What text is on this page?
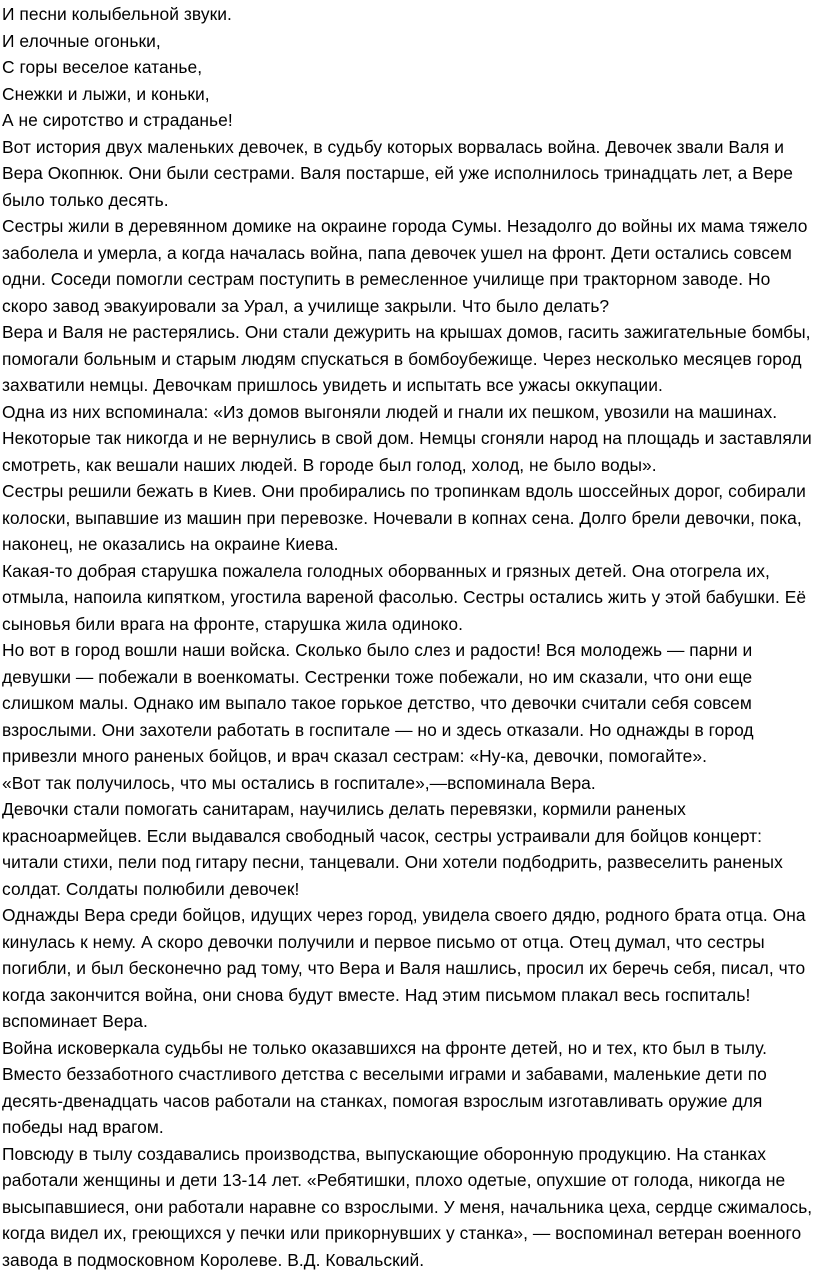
И песни колыбельной звуки.

И елочные огоньки,

С горы веселое катанье,

Снежки и лыжи, и коньки,

А не сиротство и страданье!

Вот история двух маленьких девочек, в судьбу которых ворвалась война. Девочек звали Валя и

Вера Окопнюк. Они были сестрами. Валя постарше, ей уже исполнилось тринадцать лет, а Вере

было только десять.

Сестры жили в деревянном домике на окраине города Сумы. Незадолго до войны их мама тяжело

заболела и умерла, а когда началась война, папа девочек ушел на фронт. Дети остались совсем

одни. Соседи помогли сестрам поступить в ремесленное училище при тракторном заводе. Но

скоро завод эвакуировали за Урал, а училище закрыли. Что было делать?

Вера и Валя не растерялись. Они стали дежурить на крышах домов, гасить зажигательные бомбы,

помогали больным и старым людям спускаться в бомбоубежище. Через несколько месяцев город

захватили немцы. Девочкам пришлось увидеть и испытать все ужасы оккупации.

Одна из них вспоминала: «Из домов выгоняли людей и гнали их пешком, увозили на машинах.

Некоторые так никогда и не вернулись в свой дом. Немцы сгоняли народ на площадь и заставляли

смотреть, как вешали наших людей. В городе был голод, холод, не было воды».

Сестры решили бежать в Киев. Они пробирались по тропинкам вдоль шоссейных дорог, собирали

колоски, выпавшие из машин при перевозке. Ночевали в копнах сена. Долго брели девочки, пока,

наконец, не оказались на окраине Киева.

Какая-то добрая старушка пожалела голодных оборванных и грязных детей. Она отогрела их,

отмыла, напоила кипятком, угостила вареной фасолью. Сестры остались жить у этой бабушки. Её

сыновья били врага на фронте, старушка жила одиноко.

Но вот в город вошли наши войска. Сколько было слез и радости! Вся молодежь — парни и

девушки — побежали в военкоматы. Сестренки тоже побежали, но им сказали, что они еще

слишком малы. Однако им выпало такое горькое детство, что девочки считали себя совсем

взрослыми. Они захотели работать в госпитале — но и здесь отказали. Но однажды в город

привезли много раненых бойцов, и врач сказал сестрам: «Ну-ка, девочки, помогайте».

«Вот так получилось, что мы остались в госпитале»,—вспоминала Вера.

Девочки стали помогать санитарам, научились делать перевязки, кормили раненых

красноармейцев. Если выдавался свободный часок, сестры устраивали для бойцов концерт:

читали стихи, пели под гитару песни, танцевали. Они хотели подбодрить, развеселить раненых

солдат. Солдаты полюбили девочек!

Однажды Вера среди бойцов, идущих через город, увидела своего дядю, родного брата отца. Она

кинулась к нему. А скоро девочки получили и первое письмо от отца. Отец думал, что сестры

погибли, и был бесконечно рад тому, что Вера и Валя нашлись, просил их беречь себя, писал, что

когда закончится война, они снова будут вместе. Над этим письмом плакал весь госпиталь!

вспоминает Вера.

Война исковеркала судьбы не только оказавшихся на фронте детей, но и тех, кто был в тылу.

Вместо беззаботного счастливого детства с веселыми играми и забавами, маленькие дети по

десять-двенадцать часов работали на станках, помогая взрослым изготавливать оружие для

победы над врагом.

Повсюду в тылу создавались производства, выпускающие оборонную продукцию. На станках

работали женщины и дети 13-14 лет. «Ребятишки, плохо одетые, опухшие от голода, никогда не

высыпавшиеся, они работали наравне со взрослыми. У меня, начальника цеха, сердце сжималось,

когда видел их, греющихся у печки или прикорнувших у станка», — воспоминал ветеран военного

завода в подмосковном Королеве. В.Д. Ковальский.
